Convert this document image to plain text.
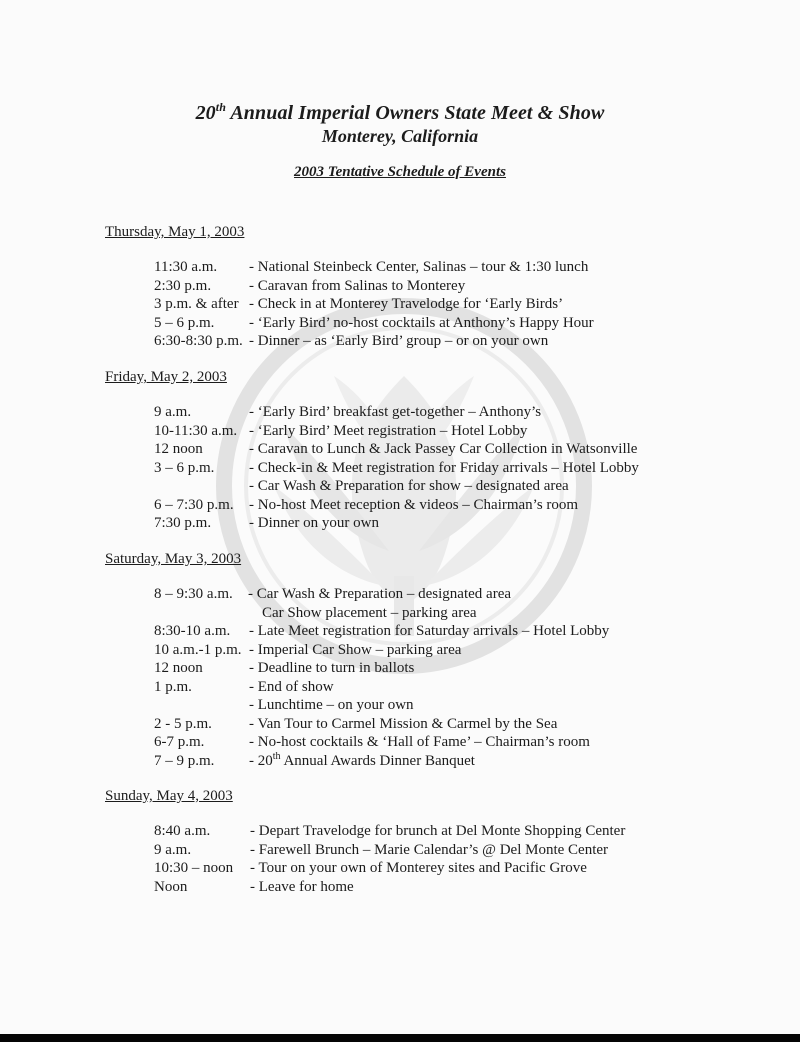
20th Annual Imperial Owners State Meet & Show
Monterey, California
2003 Tentative Schedule of Events
Thursday, May 1, 2003
11:30 a.m. - National Steinbeck Center, Salinas – tour & 1:30 lunch
2:30 p.m.	- Caravan from Salinas to Monterey
3 p.m. & after - Check in at Monterey Travelodge for ‘Early Birds’
5 – 6 p.m. - ‘Early Bird’ no-host cocktails at Anthony’s Happy Hour
6:30-8:30 p.m. - Dinner – as ‘Early Bird’ group – or on your own
Friday, May 2, 2003
9 a.m.	- ‘Early Bird’ breakfast get-together – Anthony’s
10-11:30 a.m. - ‘Early Bird’ Meet registration – Hotel Lobby
12 noon	- Caravan to Lunch & Jack Passey Car Collection in Watsonville
3 – 6 p.m. - Check-in & Meet registration for Friday arrivals – Hotel Lobby
- Car Wash & Preparation for show – designated area
6 – 7:30 p.m. - No-host Meet reception & videos – Chairman’s room
7:30 p.m.	- Dinner on your own
Saturday, May 3, 2003
8 – 9:30 a.m. - Car Wash & Preparation – designated area
Car Show placement – parking area
8:30-10 a.m. - Late Meet registration for Saturday arrivals – Hotel Lobby
10 a.m.-1 p.m. - Imperial Car Show – parking area
12 noon	- Deadline to turn in ballots
1 p.m.	- End of show
- Lunchtime – on your own
2 - 5 p.m. - Van Tour to Carmel Mission & Carmel by the Sea
6-7 p.m.	- No-host cocktails & ‘Hall of Fame’ – Chairman’s room
7 – 9 p.m. - 20th Annual Awards Dinner Banquet
Sunday, May 4, 2003
8:40 a.m.	- Depart Travelodge for brunch at Del Monte Shopping Center
9 a.m.	- Farewell Brunch – Marie Calendar’s @ Del Monte Center
10:30 – noon - Tour on your own of Monterey sites and Pacific Grove
Noon	- Leave for home
